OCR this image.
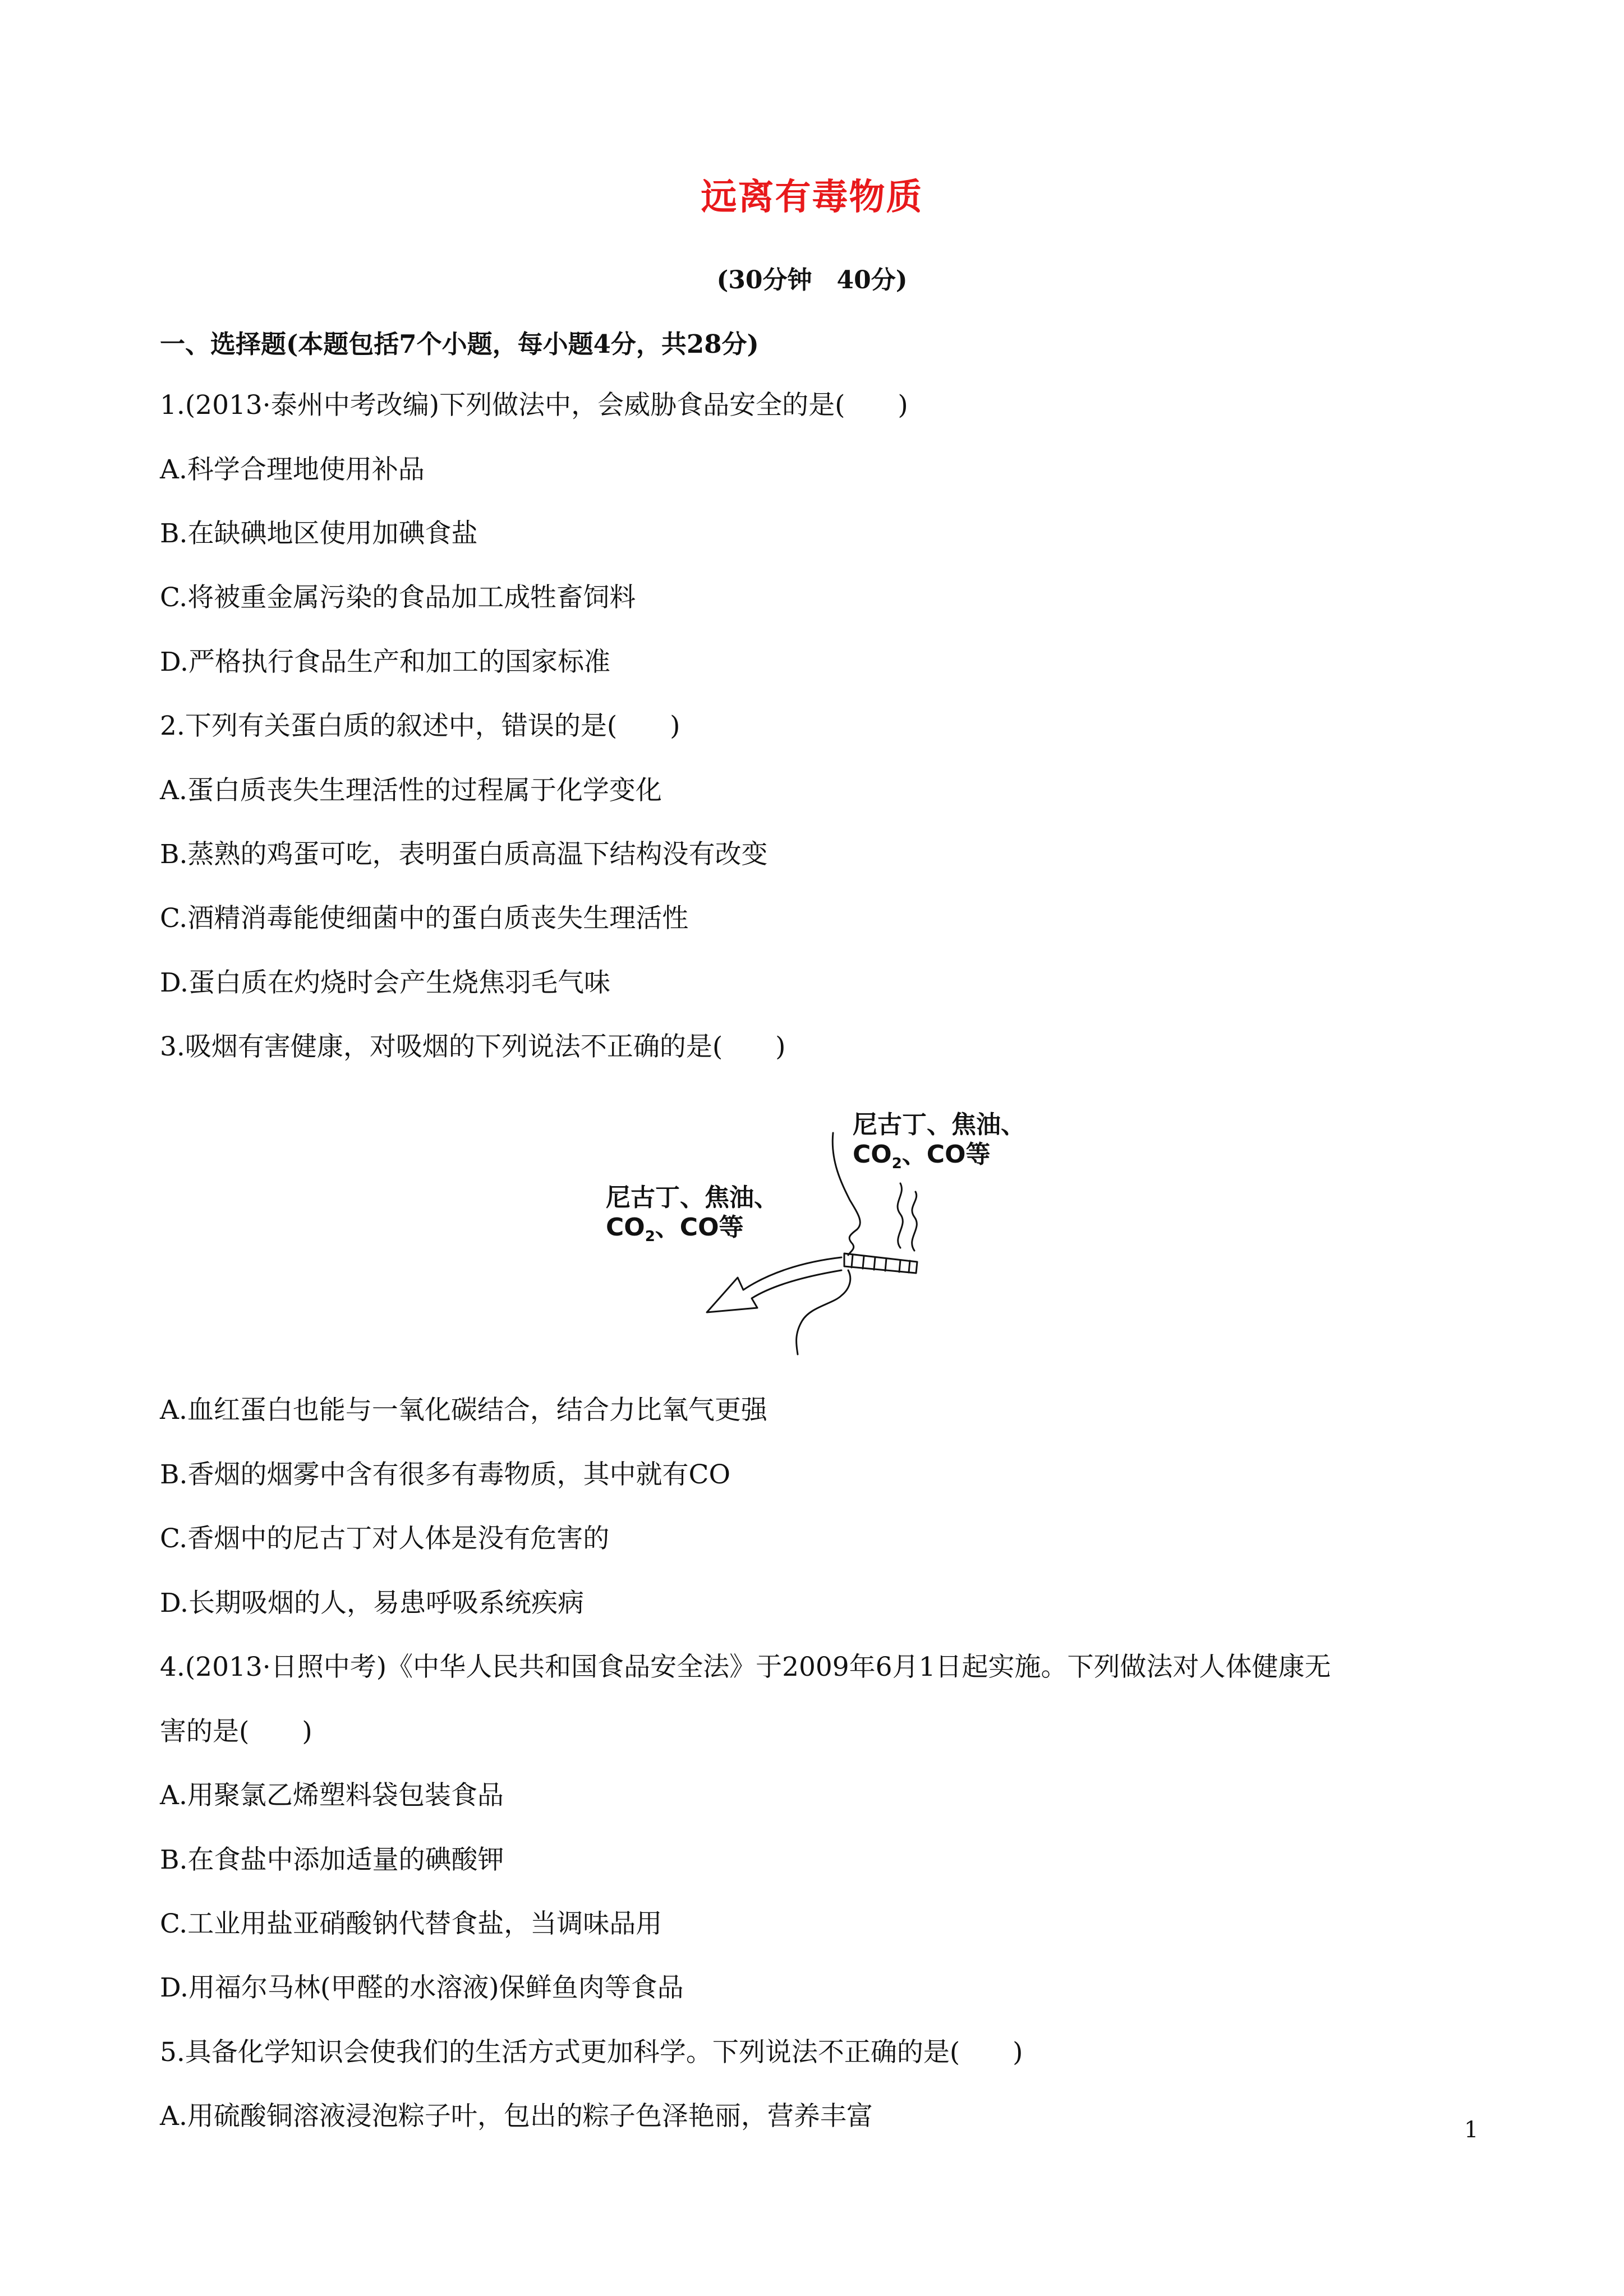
远离有毒物质
(30分钟　40分)
一、选择题(本题包括7个小题，每小题4分，共28分)
1.(2013·泰州中考改编)下列做法中，会威胁食品安全的是(　　)
A.科学合理地使用补品
B.在缺碘地区使用加碘食盐
C.将被重金属污染的食品加工成牲畜饲料
D.严格执行食品生产和加工的国家标准
2.下列有关蛋白质的叙述中，错误的是(　　)
A.蛋白质丧失生理活性的过程属于化学变化
B.蒸熟的鸡蛋可吃，表明蛋白质高温下结构没有改变
C.酒精消毒能使细菌中的蛋白质丧失生理活性
D.蛋白质在灼烧时会产生烧焦羽毛气味
3.吸烟有害健康，对吸烟的下列说法不正确的是(　　)
尼古丁、焦油、
$CO_2$、CO等
尼古丁、焦油、
$CO_2$、CO等
A.血红蛋白也能与一氧化碳结合，结合力比氧气更强
B.香烟的烟雾中含有很多有毒物质，其中就有CO
C.香烟中的尼古丁对人体是没有危害的
D.长期吸烟的人，易患呼吸系统疾病
4.(2013·日照中考)《中华人民共和国食品安全法》于2009年6月1日起实施。下列做法对人体健康无
害的是(　　)
A.用聚氯乙烯塑料袋包装食品
B.在食盐中添加适量的碘酸钾
C.工业用盐亚硝酸钠代替食盐，当调味品用
D.用福尔马林(甲醛的水溶液)保鲜鱼肉等食品
5.具备化学知识会使我们的生活方式更加科学。下列说法不正确的是(　　)
A.用硫酸铜溶液浸泡粽子叶，包出的粽子色泽艳丽，营养丰富	1
